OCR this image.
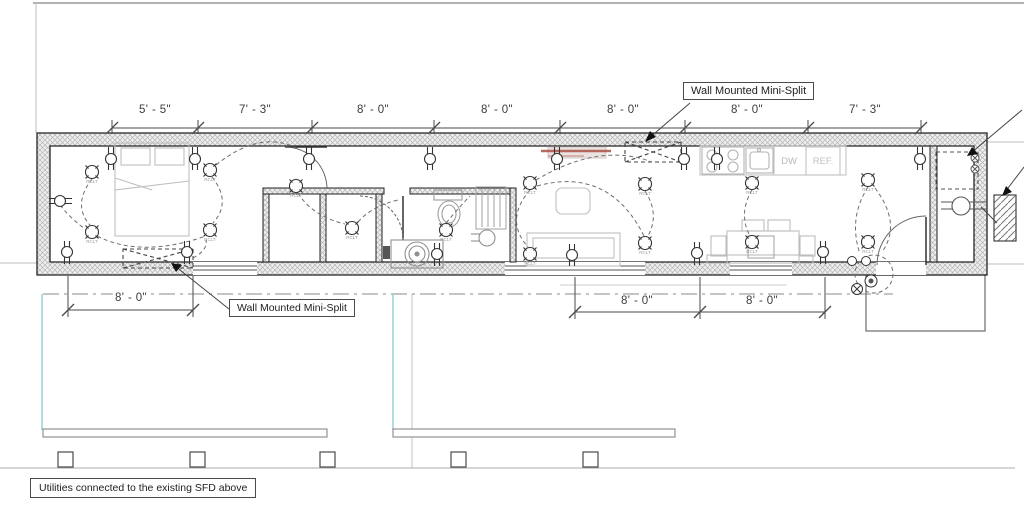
RCLT	RCLT
RCLT	RCLT
RCLT
RCLT	RCLT
RCLT
RCLT
RCLT
RCLT
RCLT
RCLT
RCLT
RCLT
DW REF.
5' - 5"	7' - 3"	8' - 0"	8' - 0"	8' - 0"	8' - 0"	7' - 3"
8' - 0"	8' - 0"	8' - 0"
Wall Mounted Mini-Split
Wall Mounted Mini-Split
Utilities connected to the existing SFD above
